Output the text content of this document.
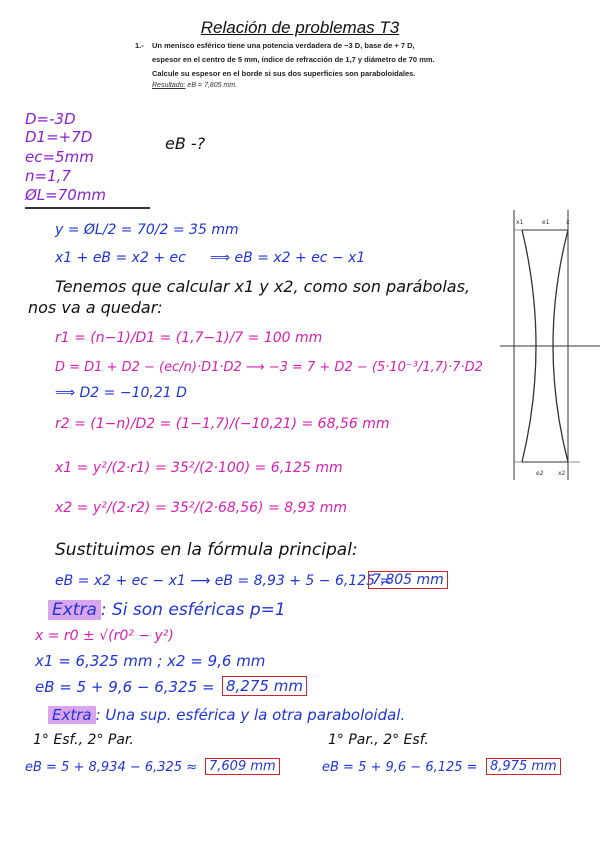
Relación de problemas T3
1.- Un menisco esférico tiene una potencia verdadera de −3 D, base de + 7 D,
espesor en el centro de 5 mm, índice de refracción de 1,7 y diámetro de 70 mm.
Calcule su espesor en el borde si sus dos superficies son paraboloidales.
Resultado: eB = 7,805 mm.
D=-3D
D1=+7D
ec=5mm
n=1,7
ØL=70mm
eB -?
x1	e1	x
e2 x2
y = ØL/2 = 70/2 = 35 mm
x1 + eB = x2 + ec ⟹ eB = x2 + ec − x1
Tenemos que calcular x1 y x2, como son parábolas,
nos va a quedar:
r1 = (n−1)/D1 = (1,7−1)/7 = 100 mm
D = D1 + D2 − (ec/n)·D1·D2 ⟶ −3 = 7 + D2 − (5·10⁻³/1,7)·7·D2
⟹ D2 = −10,21 D
r2 = (1−n)/D2 = (1−1,7)/(−10,21) = 68,56 mm
x1 = y²/(2·r1) = 35²/(2·100) = 6,125 mm
x2 = y²/(2·r2) = 35²/(2·68,56) = 8,93 mm
Sustituimos en la fórmula principal:
eB = x2 + ec − x1 ⟶ eB = 8,93 + 5 − 6,125 =
7,805 mm
Extra : Si son esféricas p=1
x = r0 ± √(r0² − y²)
x1 = 6,325 mm ; x2 = 9,6 mm
eB = 5 + 9,6 − 6,325 = 8,275 mm
Extra : Una sup. esférica y la otra paraboloidal.
1° Esf., 2° Par.	1° Par., 2° Esf.
eB = 5 + 8,934 − 6,325 ≈ 7,609 mm	eB = 5 + 9,6 − 6,125 = 8,975 mm
